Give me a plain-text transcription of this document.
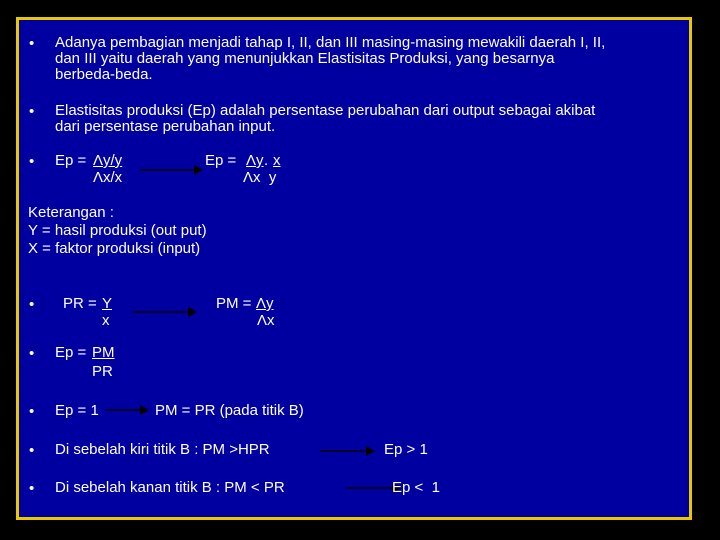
• Adanya pembagian menjadi tahap I, II, dan III masing-masing mewakili daerah I, II,
dan III yaitu daerah yang menunjukkan Elastisitas Produksi, yang besarnya
berbeda-beda.
• Elastisitas produksi (Ep) adalah persentase perubahan dari output sebagai akibat
dari persentase perubahan input.
• Ep = Λy/y
Λx/x
Ep = Λy . x
Λx  y
Keterangan :
Y = hasil produksi (out put)
X = faktor produksi (input)
• PR = Y
x
PM = Λy
Λx
• Ep = PM
PR
• Ep = 1	PM = PR (pada titik B)
• Di sebelah kiri titik B : PM >HPR	Ep > 1
• Di sebelah kanan titik B : PM < PR	Ep <  1
